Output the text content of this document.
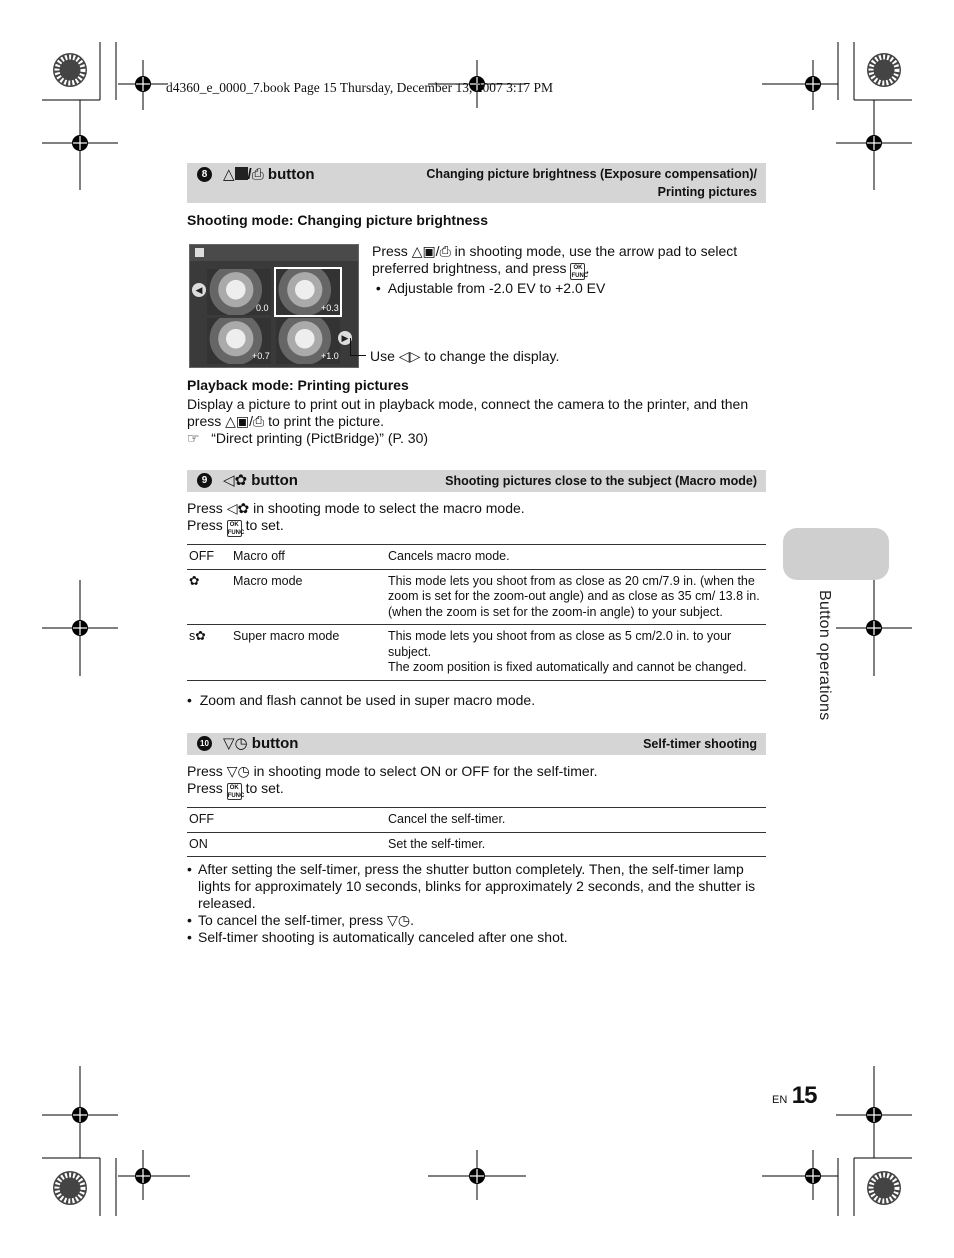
d4360_e_0000_7.book Page 15 Thursday, December 13, 2007 3:17 PM
8	△ /⎙ button	Changing picture brightness (Exposure compensation)/
Printing pictures
Shooting mode: Changing picture brightness
0.0	+0.3
+0.7	+1.0
◀
▶
Press △▣/⎙ in shooting mode, use the arrow pad to select
preferred brightness, and press OK
FUNC.
•  Adjustable from -2.0 EV to +2.0 EV
Use ◁▷ to change the display.
Playback mode: Printing pictures
Display a picture to print out in playback mode, connect the camera to the printer, and then
press △▣/⎙ to print the picture.
☞ “Direct printing (PictBridge)” (P. 30)
9	◁✿ button	Shooting pictures close to the subject (Macro mode)
Press ◁✿ in shooting mode to select the macro mode.
Press OK
FUNC to set.
OFF	Macro off	Cancels macro mode.
✿	Macro mode	This mode lets you shoot from as close as 20 cm/7.9 in. (when the zoom is set for the zoom-out angle) and as close as 35 cm/ 13.8 in. (when the zoom is set for the zoom-in angle) to your subject.
s✿	Super macro mode	This mode lets you shoot from as close as 5 cm/2.0 in. to your subject.
The zoom position is fixed automatically and cannot be changed.
•  Zoom and flash cannot be used in super macro mode.
10 ▽◷ button	Self-timer shooting
Press ▽◷ in shooting mode to select ON or OFF for the self-timer.
Press OK
FUNC to set.
OFF	Cancel the self-timer.
ON	Set the self-timer.
• After setting the self-timer, press the shutter button completely. Then, the self-timer lamp
lights for approximately 10 seconds, blinks for approximately 2 seconds, and the shutter is
released.
• To cancel the self-timer, press ▽◷.
• Self-timer shooting is automatically canceled after one shot.
Button operations
EN 15
